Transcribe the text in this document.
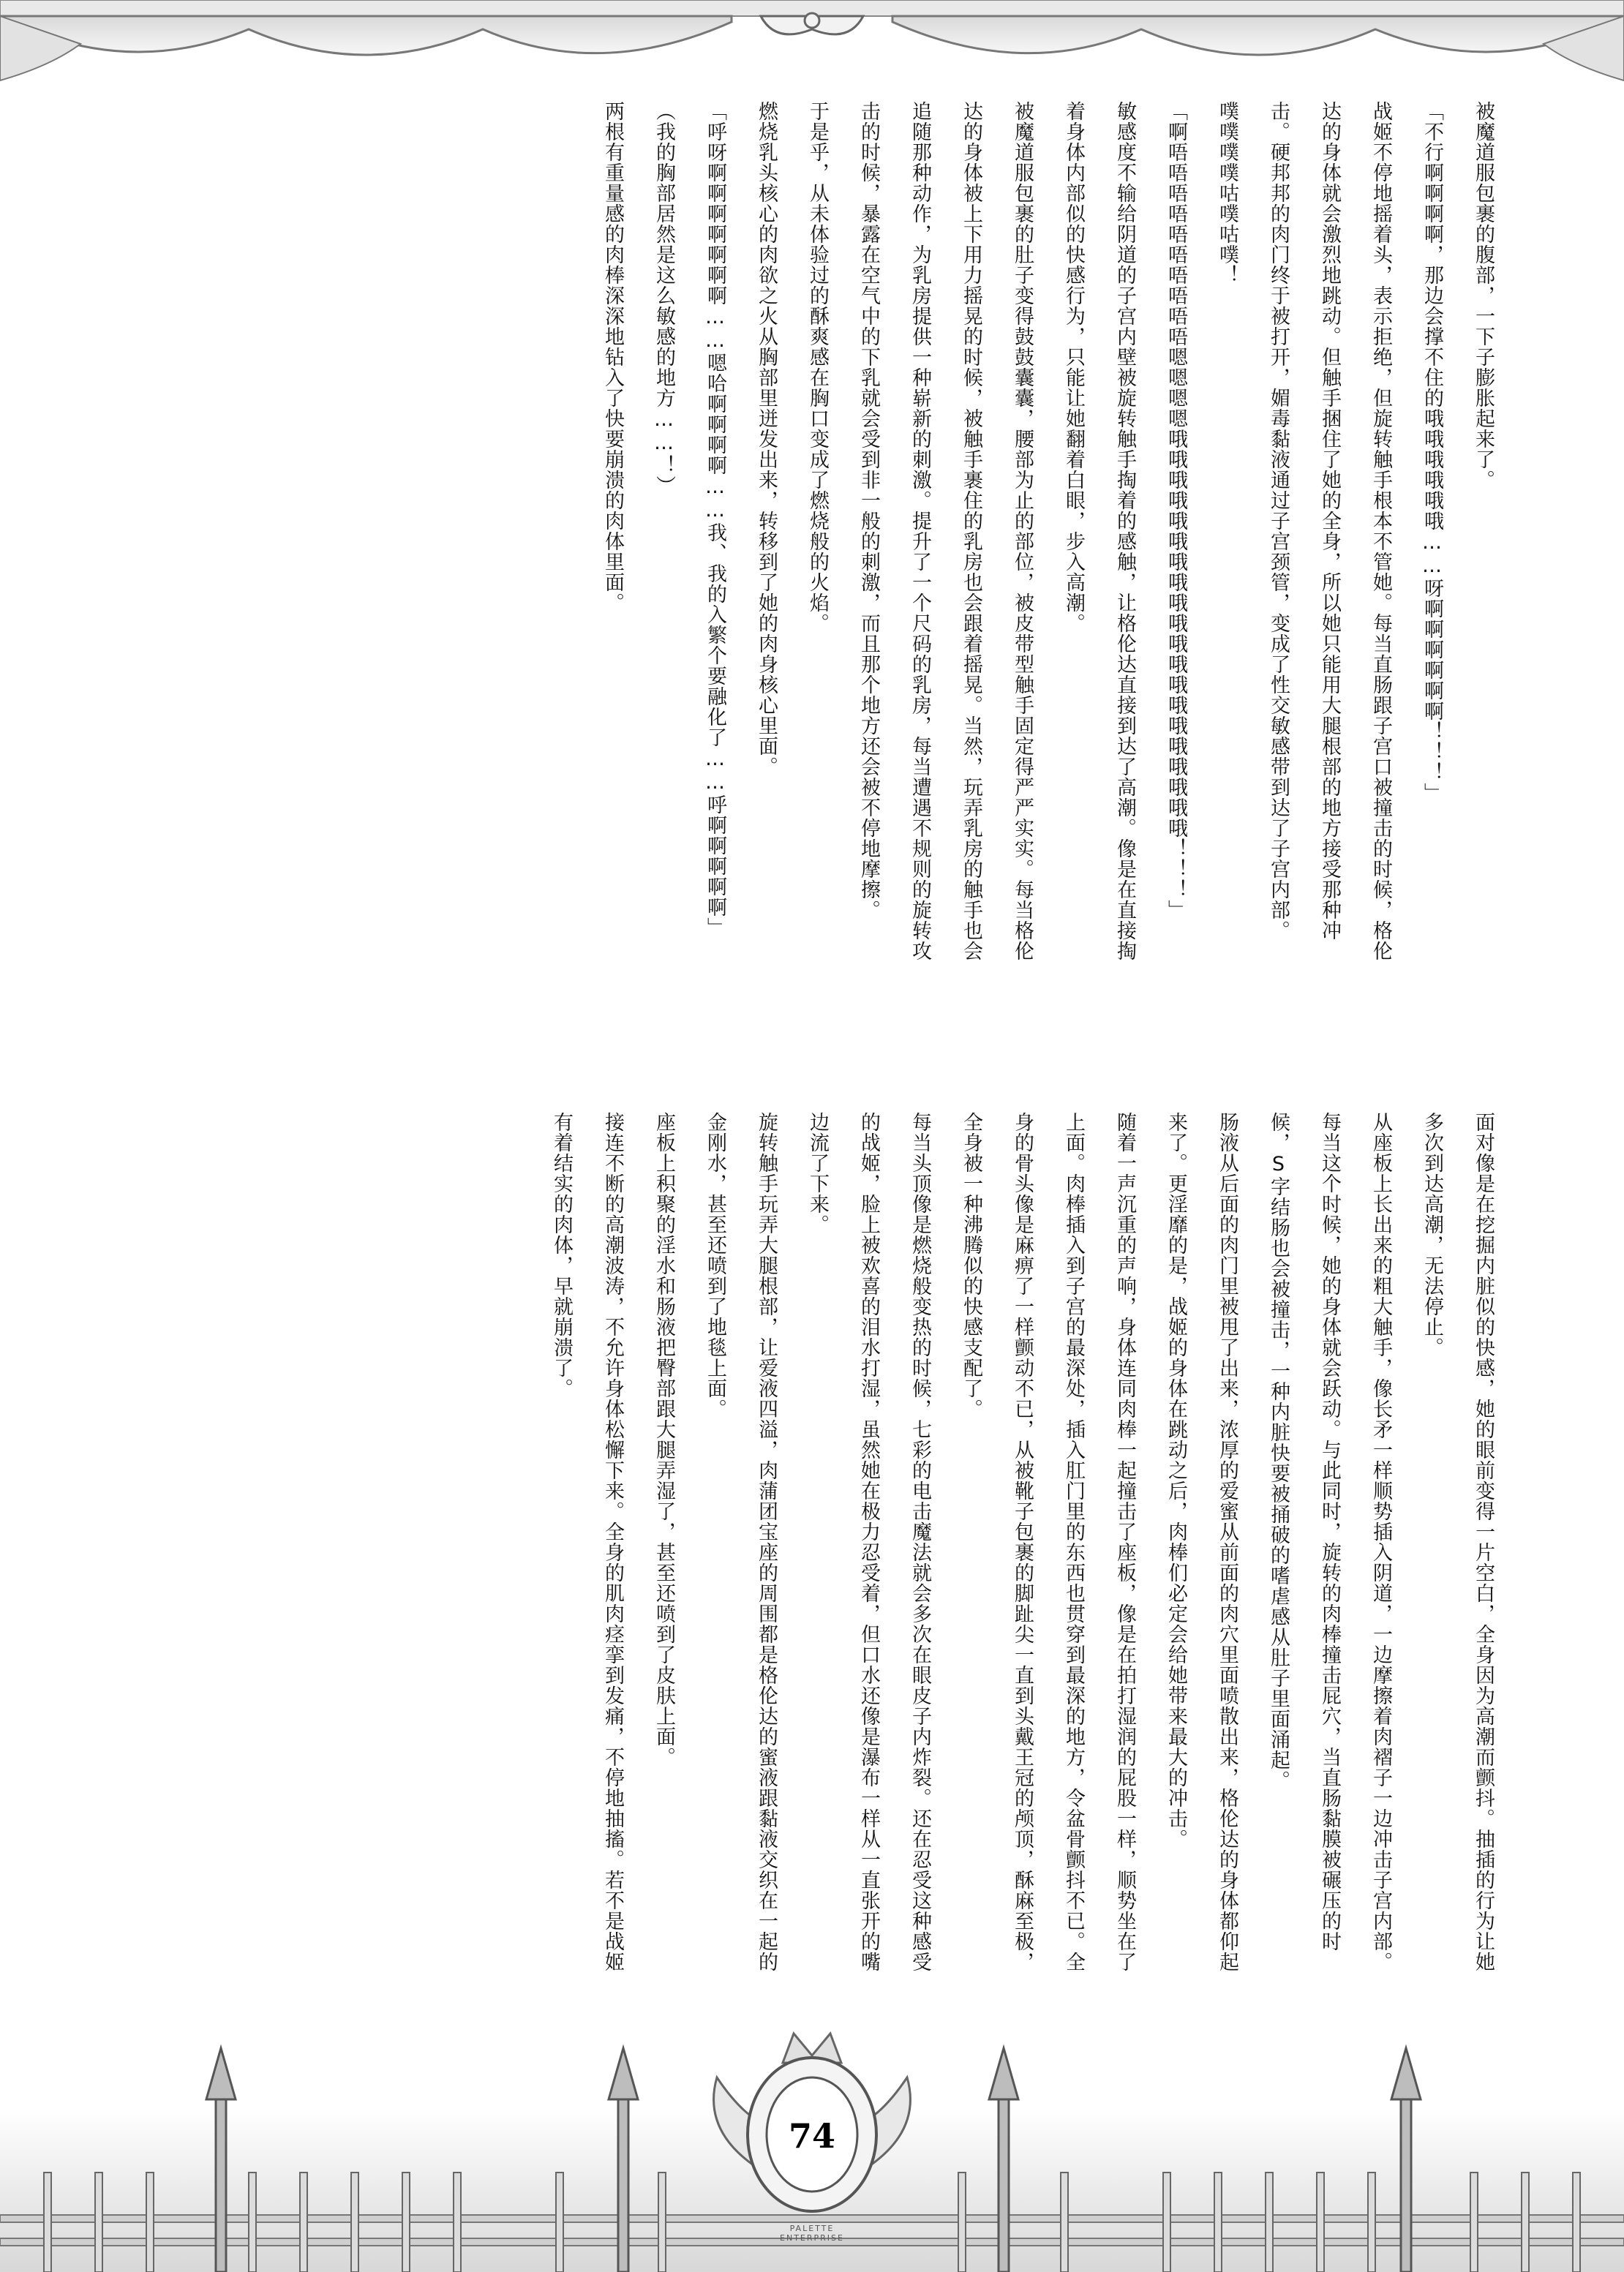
被魔道服包裹的腹部，一下子膨胀起来了。
「不行啊啊啊啊，那边会撑不住的哦哦哦哦哦哦……呀啊啊啊啊啊啊！！！」
战姬不停地摇着头，表示拒绝，但旋转触手根本不管她。每当直肠跟子宫口被撞击的时候，格伦达的身体就会激烈地跳动。但触手捆住了她的全身，所以她只能用大腿根部的地方接受那种冲击。硬邦邦的肉门终于被打开，媚毒黏液通过子宫颈管，变成了性交敏感带到达了子宫内部。
噗噗噗噗咕噗咕噗！
「啊唔唔唔唔唔唔唔唔唔唔嗯嗯嗯嗯哦哦哦哦哦哦哦哦哦哦哦哦哦哦哦哦哦哦哦哦！！！」
敏感度不输给阴道的子宫内壁被旋转触手掏着的感触，让格伦达直接到达了高潮。像是在直接掏着身体内部似的快感行为，只能让她翻着白眼，步入高潮。
被魔道服包裹的肚子变得鼓鼓囊囊，腰部为止的部位，被皮带型触手固定得严严实实。每当格伦达的身体被上下用力摇晃的时候，被触手裹住的乳房也会跟着摇晃。当然，玩弄乳房的触手也会追随那种动作，为乳房提供一种崭新的刺激。提升了一个尺码的乳房，每当遭遇不规则的旋转攻击的时候，暴露在空气中的下乳就会受到非一般的刺激，而且那个地方还会被不停地摩擦。
于是乎，从未体验过的酥爽感在胸口变成了燃烧般的火焰。
燃烧乳头核心的肉欲之火从胸部里迸发出来，转移到了她的肉身核心里面。
「呼呀啊啊啊啊啊啊啊……嗯哈啊啊啊啊……我、我的入繁个要融化了……呼啊啊啊啊啊」
（我的胸部居然是这么敏感的地方……！）
两根有重量感的肉棒深深地钻入了快要崩溃的肉体里面。
面对像是在挖掘内脏似的快感，她的眼前变得一片空白，全身因为高潮而颤抖。抽插的行为让她多次到达高潮，无法停止。
从座板上长出来的粗大触手，像长矛一样顺势插入阴道，一边摩擦着肉褶子一边冲击子宫内部。每当这个时候，她的身体就会跃动。与此同时，旋转的肉棒撞击屁穴，当直肠黏膜被碾压的时候，S字结肠也会被撞击，一种内脏快要被捅破的嗜虐感从肚子里面涌起。
肠液从后面的肉门里被甩了出来，浓厚的爱蜜从前面的肉穴里面喷散出来，格伦达的身体都仰起来了。更淫靡的是，战姬的身体在跳动之后，肉棒们必定会给她带来最大的冲击。
随着一声沉重的声响，身体连同肉棒一起撞击了座板，像是在拍打湿润的屁股一样，顺势坐在了上面。肉棒插入到子宫的最深处，插入肛门里的东西也贯穿到最深的地方，令盆骨颤抖不已。全身的骨头像是麻痹了一样颤动不已，从被靴子包裹的脚趾尖一直到头戴王冠的颅顶，酥麻至极，全身被一种沸腾似的快感支配了。
每当头顶像是燃烧般变热的时候，七彩的电击魔法就会多次在眼皮子内炸裂。还在忍受这种感受的战姬，脸上被欢喜的泪水打湿，虽然她在极力忍受着，但口水还像是瀑布一样从一直张开的嘴边流了下来。
旋转触手玩弄大腿根部，让爱液四溢，肉蒲团宝座的周围都是格伦达的蜜液跟黏液交织在一起的金刚水，甚至还喷到了地毯上面。
座板上积聚的淫水和肠液把臀部跟大腿弄湿了，甚至还喷到了皮肤上面。
接连不断的高潮波涛，不允许身体松懈下来。全身的肌肉痉挛到发痛，不停地抽搐。若不是战姬有着结实的肉体，早就崩溃了。
74
PALETTE ENTERPRISE
